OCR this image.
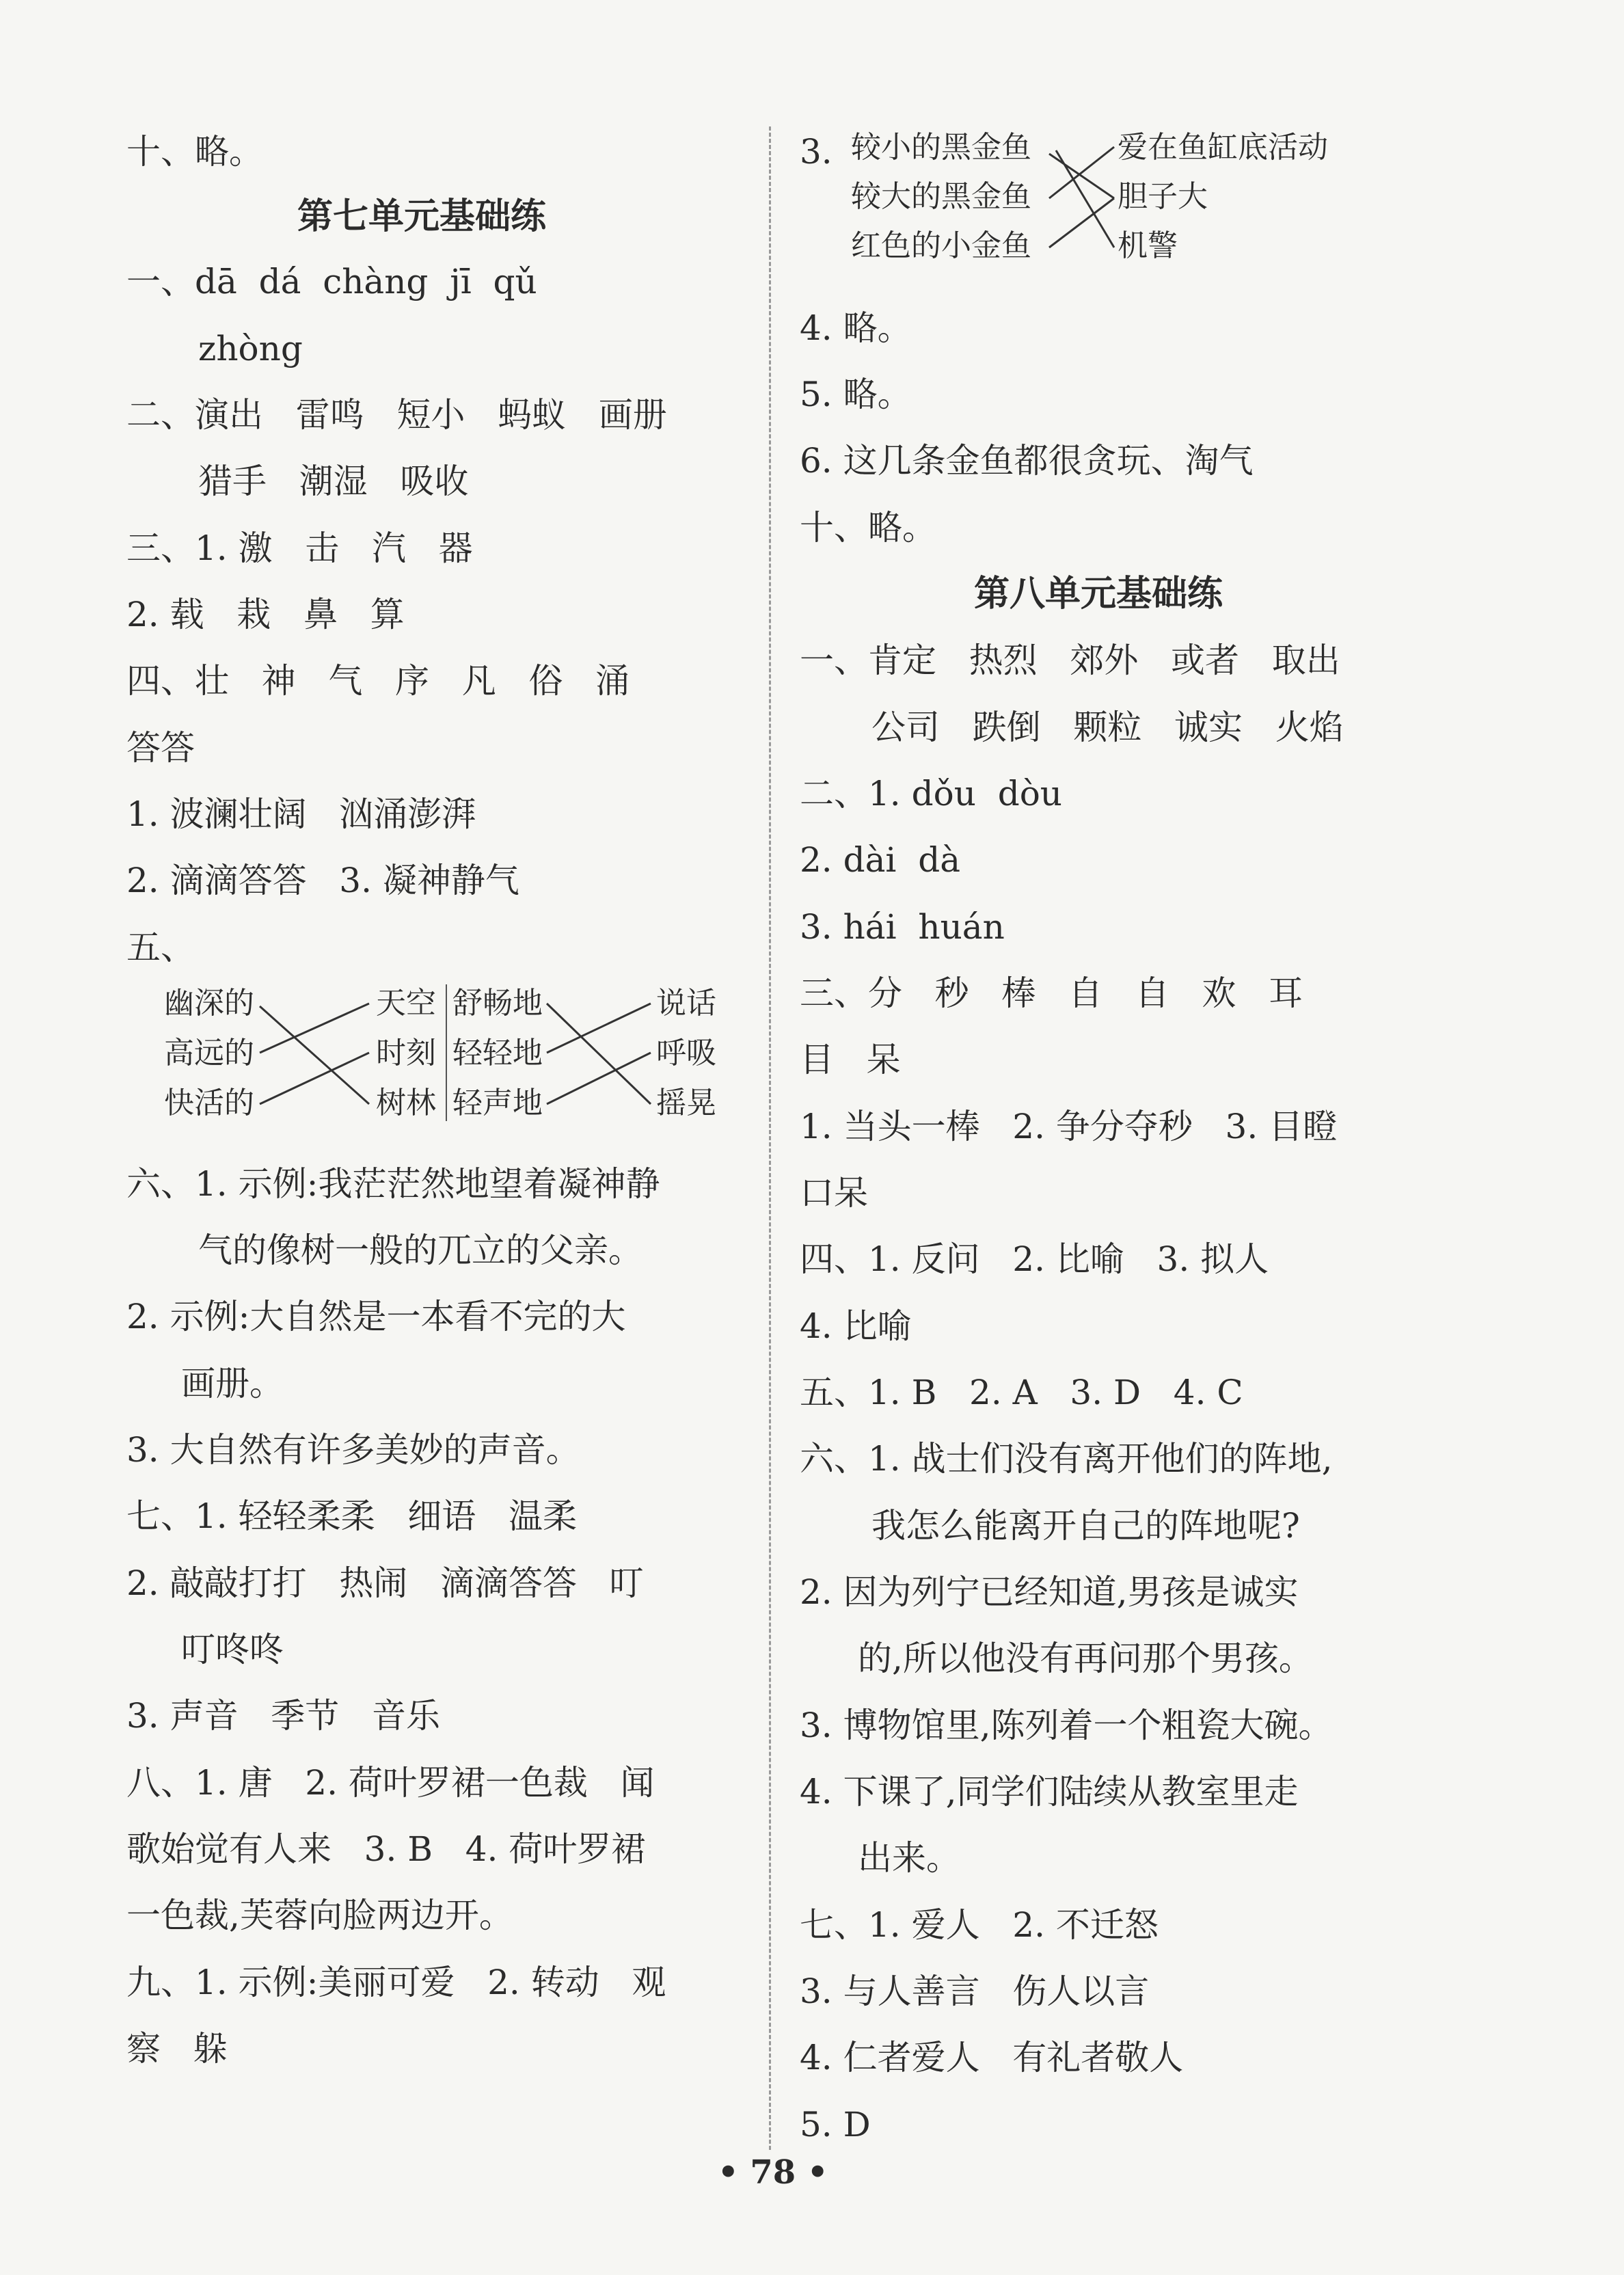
十、略。
第七单元基础练
一、dā  dá  chàng  jī  qǔ
zhòng
二、演出   雷鸣   短小   蚂蚁   画册
猎手   潮湿   吸收
三、1. 激   击   汽   器
2. 载   栽   鼻   算
四、壮   神   气   序   凡   俗   涌
答答
1. 波澜壮阔   汹涌澎湃
2. 滴滴答答   3. 凝神静气
五、
幽深的
高远的
快活的
天空
时刻
树林
舒畅地
轻轻地
轻声地
说话
呼吸
摇晃
六、1. 示例:我茫茫然地望着凝神静
气的像树一般的兀立的父亲。
2. 示例:大自然是一本看不完的大
画册。
3. 大自然有许多美妙的声音。
七、1. 轻轻柔柔   细语   温柔
2. 敲敲打打   热闹   滴滴答答   叮
叮咚咚
3. 声音   季节   音乐
八、1. 唐   2. 荷叶罗裙一色裁   闻
歌始觉有人来   3. B   4. 荷叶罗裙
一色裁,芙蓉向脸两边开。
九、1. 示例:美丽可爱   2. 转动   观
察   躲
3. 较小的黑金鱼
较大的黑金鱼
红色的小金鱼
爱在鱼缸底活动
胆子大
机警
4. 略。
5. 略。
6. 这几条金鱼都很贪玩、淘气
十、略。
第八单元基础练
一、肯定   热烈   郊外   或者   取出
公司   跌倒   颗粒   诚实   火焰
二、1. dǒu  dòu
2. dài  dà
3. hái  huán
三、分   秒   棒   自   自   欢   耳
目   呆
1. 当头一棒   2. 争分夺秒   3. 目瞪
口呆
四、1. 反问   2. 比喻   3. 拟人
4. 比喻
五、1. B   2. A   3. D   4. C
六、1. 战士们没有离开他们的阵地,
我怎么能离开自己的阵地呢?
2. 因为列宁已经知道,男孩是诚实
的,所以他没有再问那个男孩。
3. 博物馆里,陈列着一个粗瓷大碗。
4. 下课了,同学们陆续从教室里走
出来。
七、1. 爱人   2. 不迁怒
3. 与人善言   伤人以言
4. 仁者爱人   有礼者敬人
5. D
• 78 •
